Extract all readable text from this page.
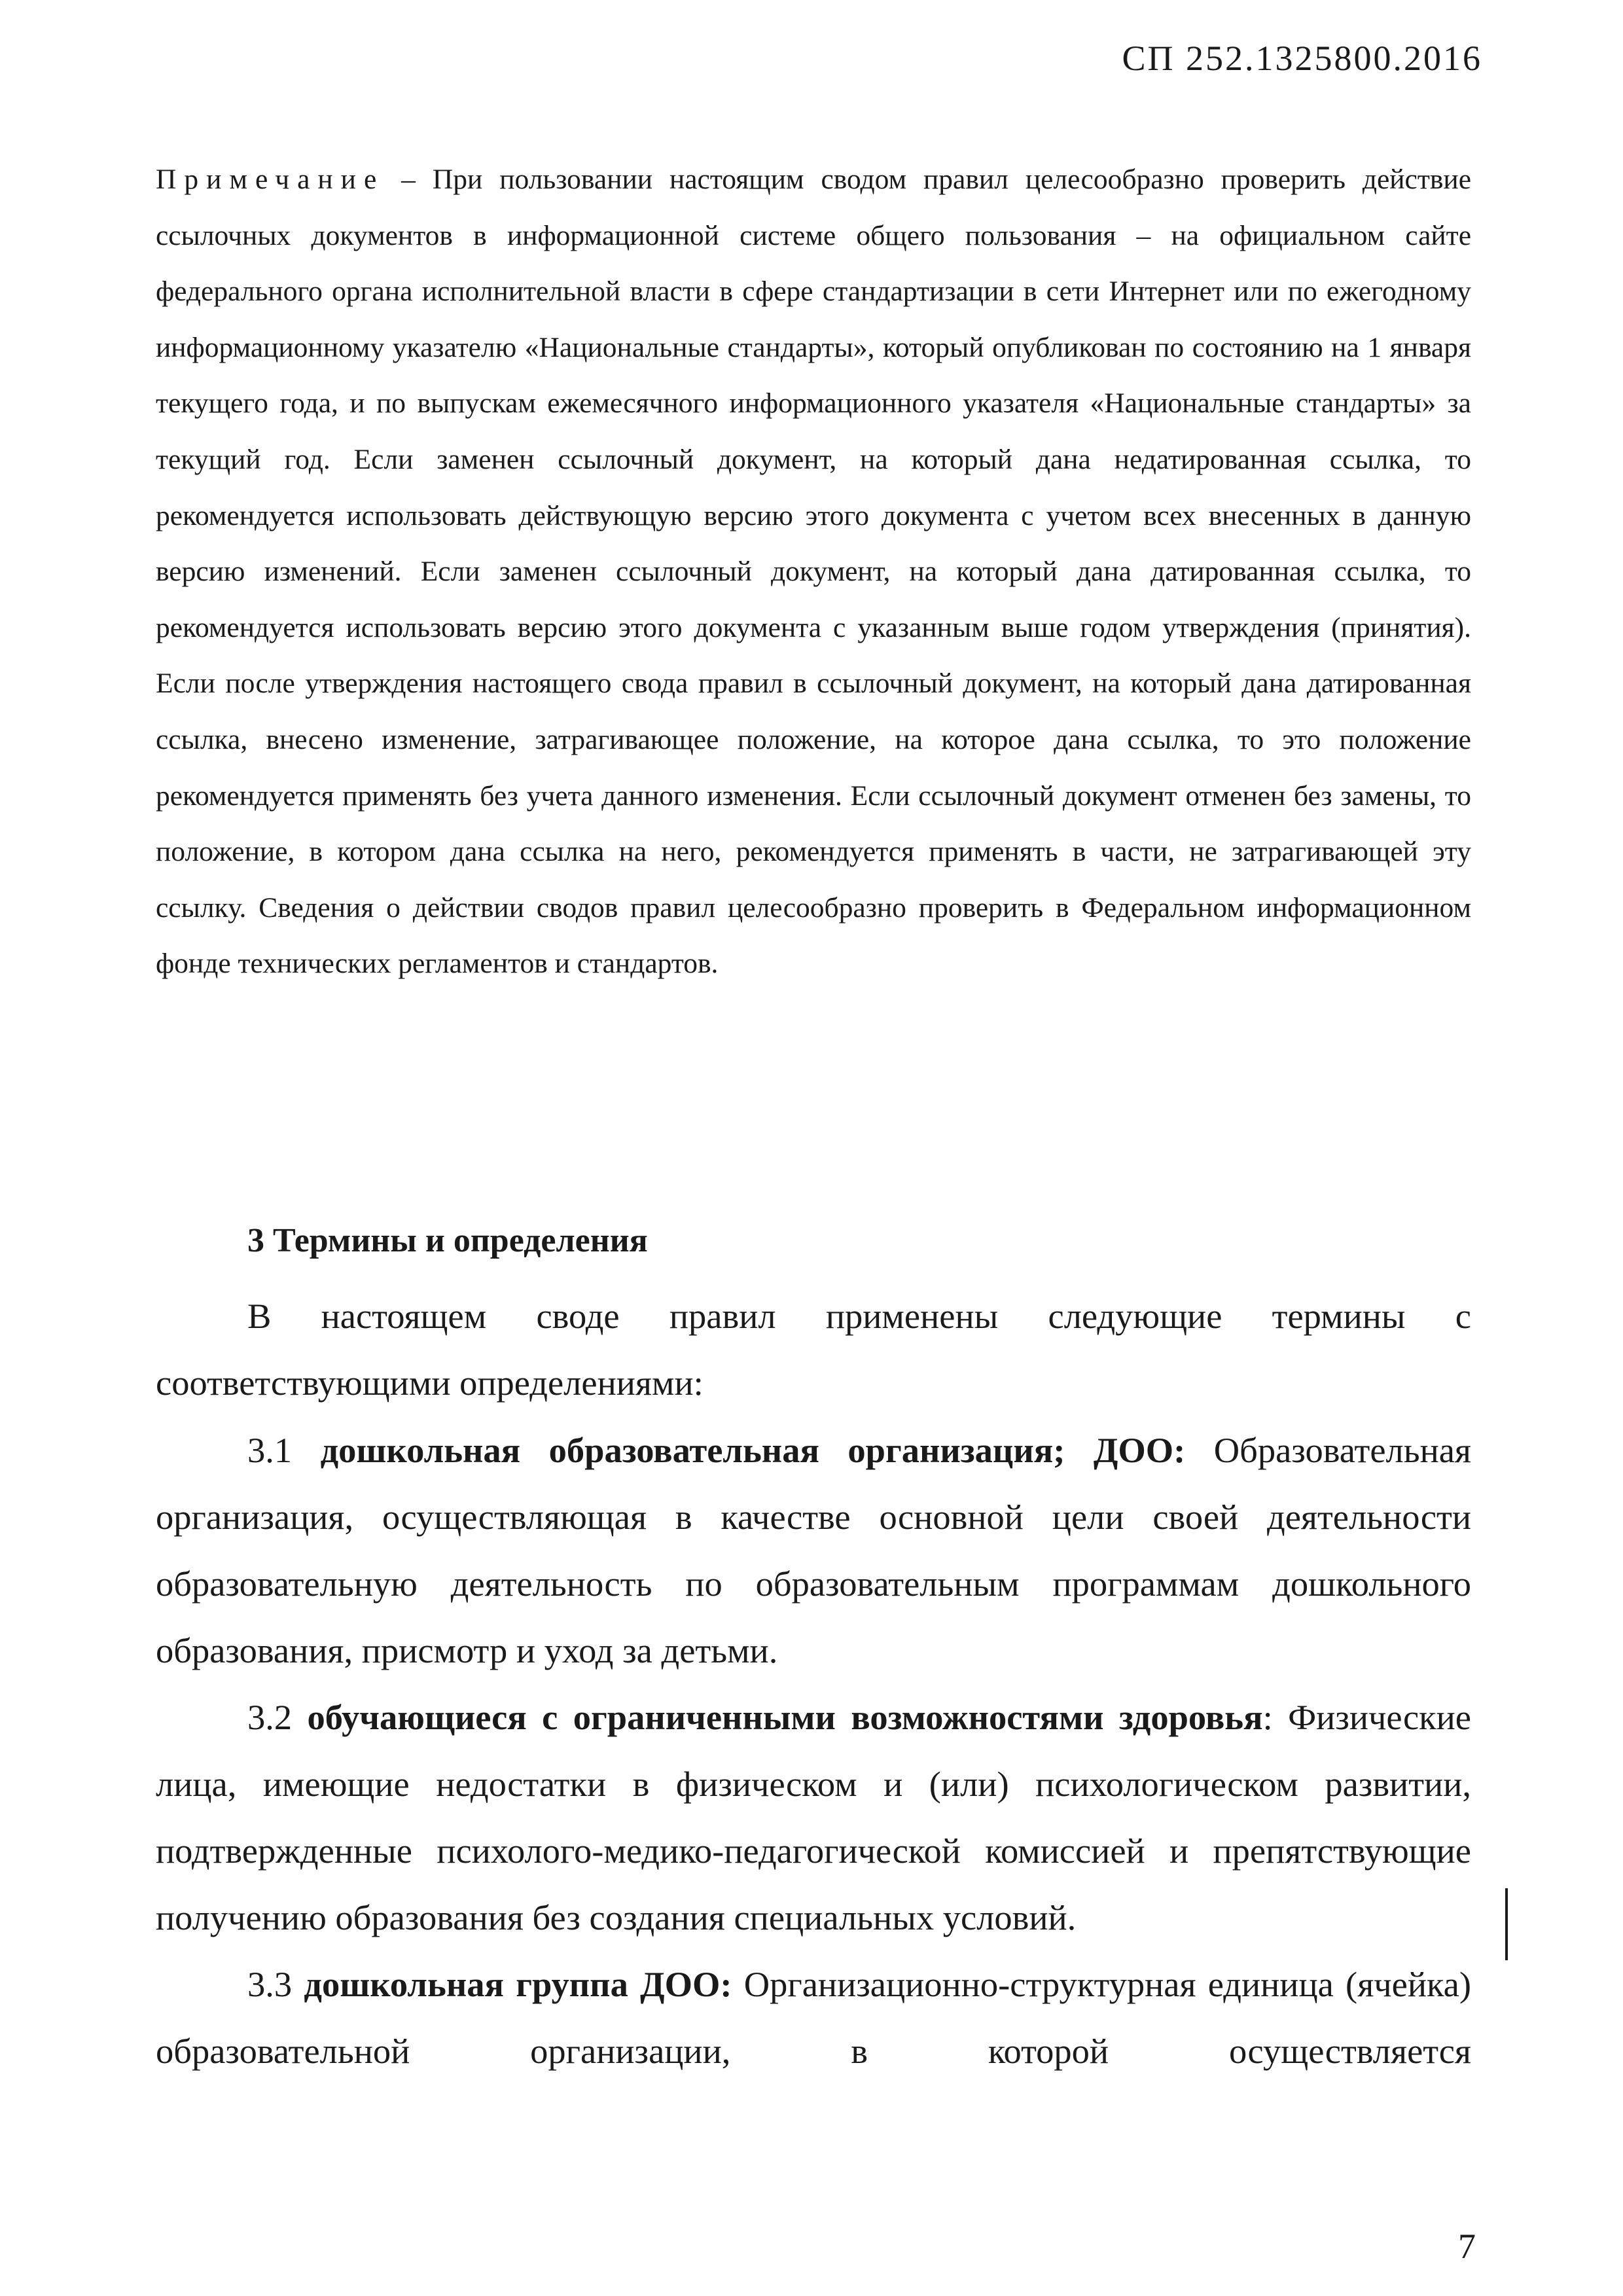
СП 252.1325800.2016

Примечание – При пользовании настоящим сводом правил целесообразно проверить действие ссылочных документов в информационной системе общего пользования – на официальном сайте федерального органа исполнительной власти в сфере стандартизации в сети Интернет или по ежегодному информационному указателю «Национальные стандарты», который опубликован по состоянию на 1 января текущего года, и по выпускам ежемесячного информационного указателя «Национальные стандарты» за текущий год. Если заменен ссылочный документ, на который дана недатированная ссылка, то рекомендуется использовать действующую версию этого документа с учетом всех внесенных в данную версию изменений. Если заменен ссылочный документ, на который дана датированная ссылка, то рекомендуется использовать версию этого документа с указанным выше годом утверждения (принятия). Если после утверждения настоящего свода правил в ссылочный документ, на который дана датированная ссылка, внесено изменение, затрагивающее положение, на которое дана ссылка, то это положение рекомендуется применять без учета данного изменения. Если ссылочный документ отменен без замены, то положение, в котором дана ссылка на него, рекомендуется применять в части, не затрагивающей эту ссылку. Сведения о действии сводов правил целесообразно проверить в Федеральном информационном фонде технических регламентов и стандартов.

3 Термины и определения

В настоящем своде правил применены следующие термины с соответствующими определениями:

3.1 дошкольная образовательная организация; ДОО: Образовательная организация, осуществляющая в качестве основной цели своей деятельности образовательную деятельность по образовательным программам дошкольного образования, присмотр и уход за детьми.

3.2 обучающиеся с ограниченными возможностями здоровья: Физические лица, имеющие недостатки в физическом и (или) психологическом развитии, подтвержденные психолого-медико-педагогической комиссией и препятствующие получению образования без создания специальных условий.

3.3 дошкольная группа ДОО: Организационно-структурная единица (ячейка) образовательной организации, в которой осуществляется

7
